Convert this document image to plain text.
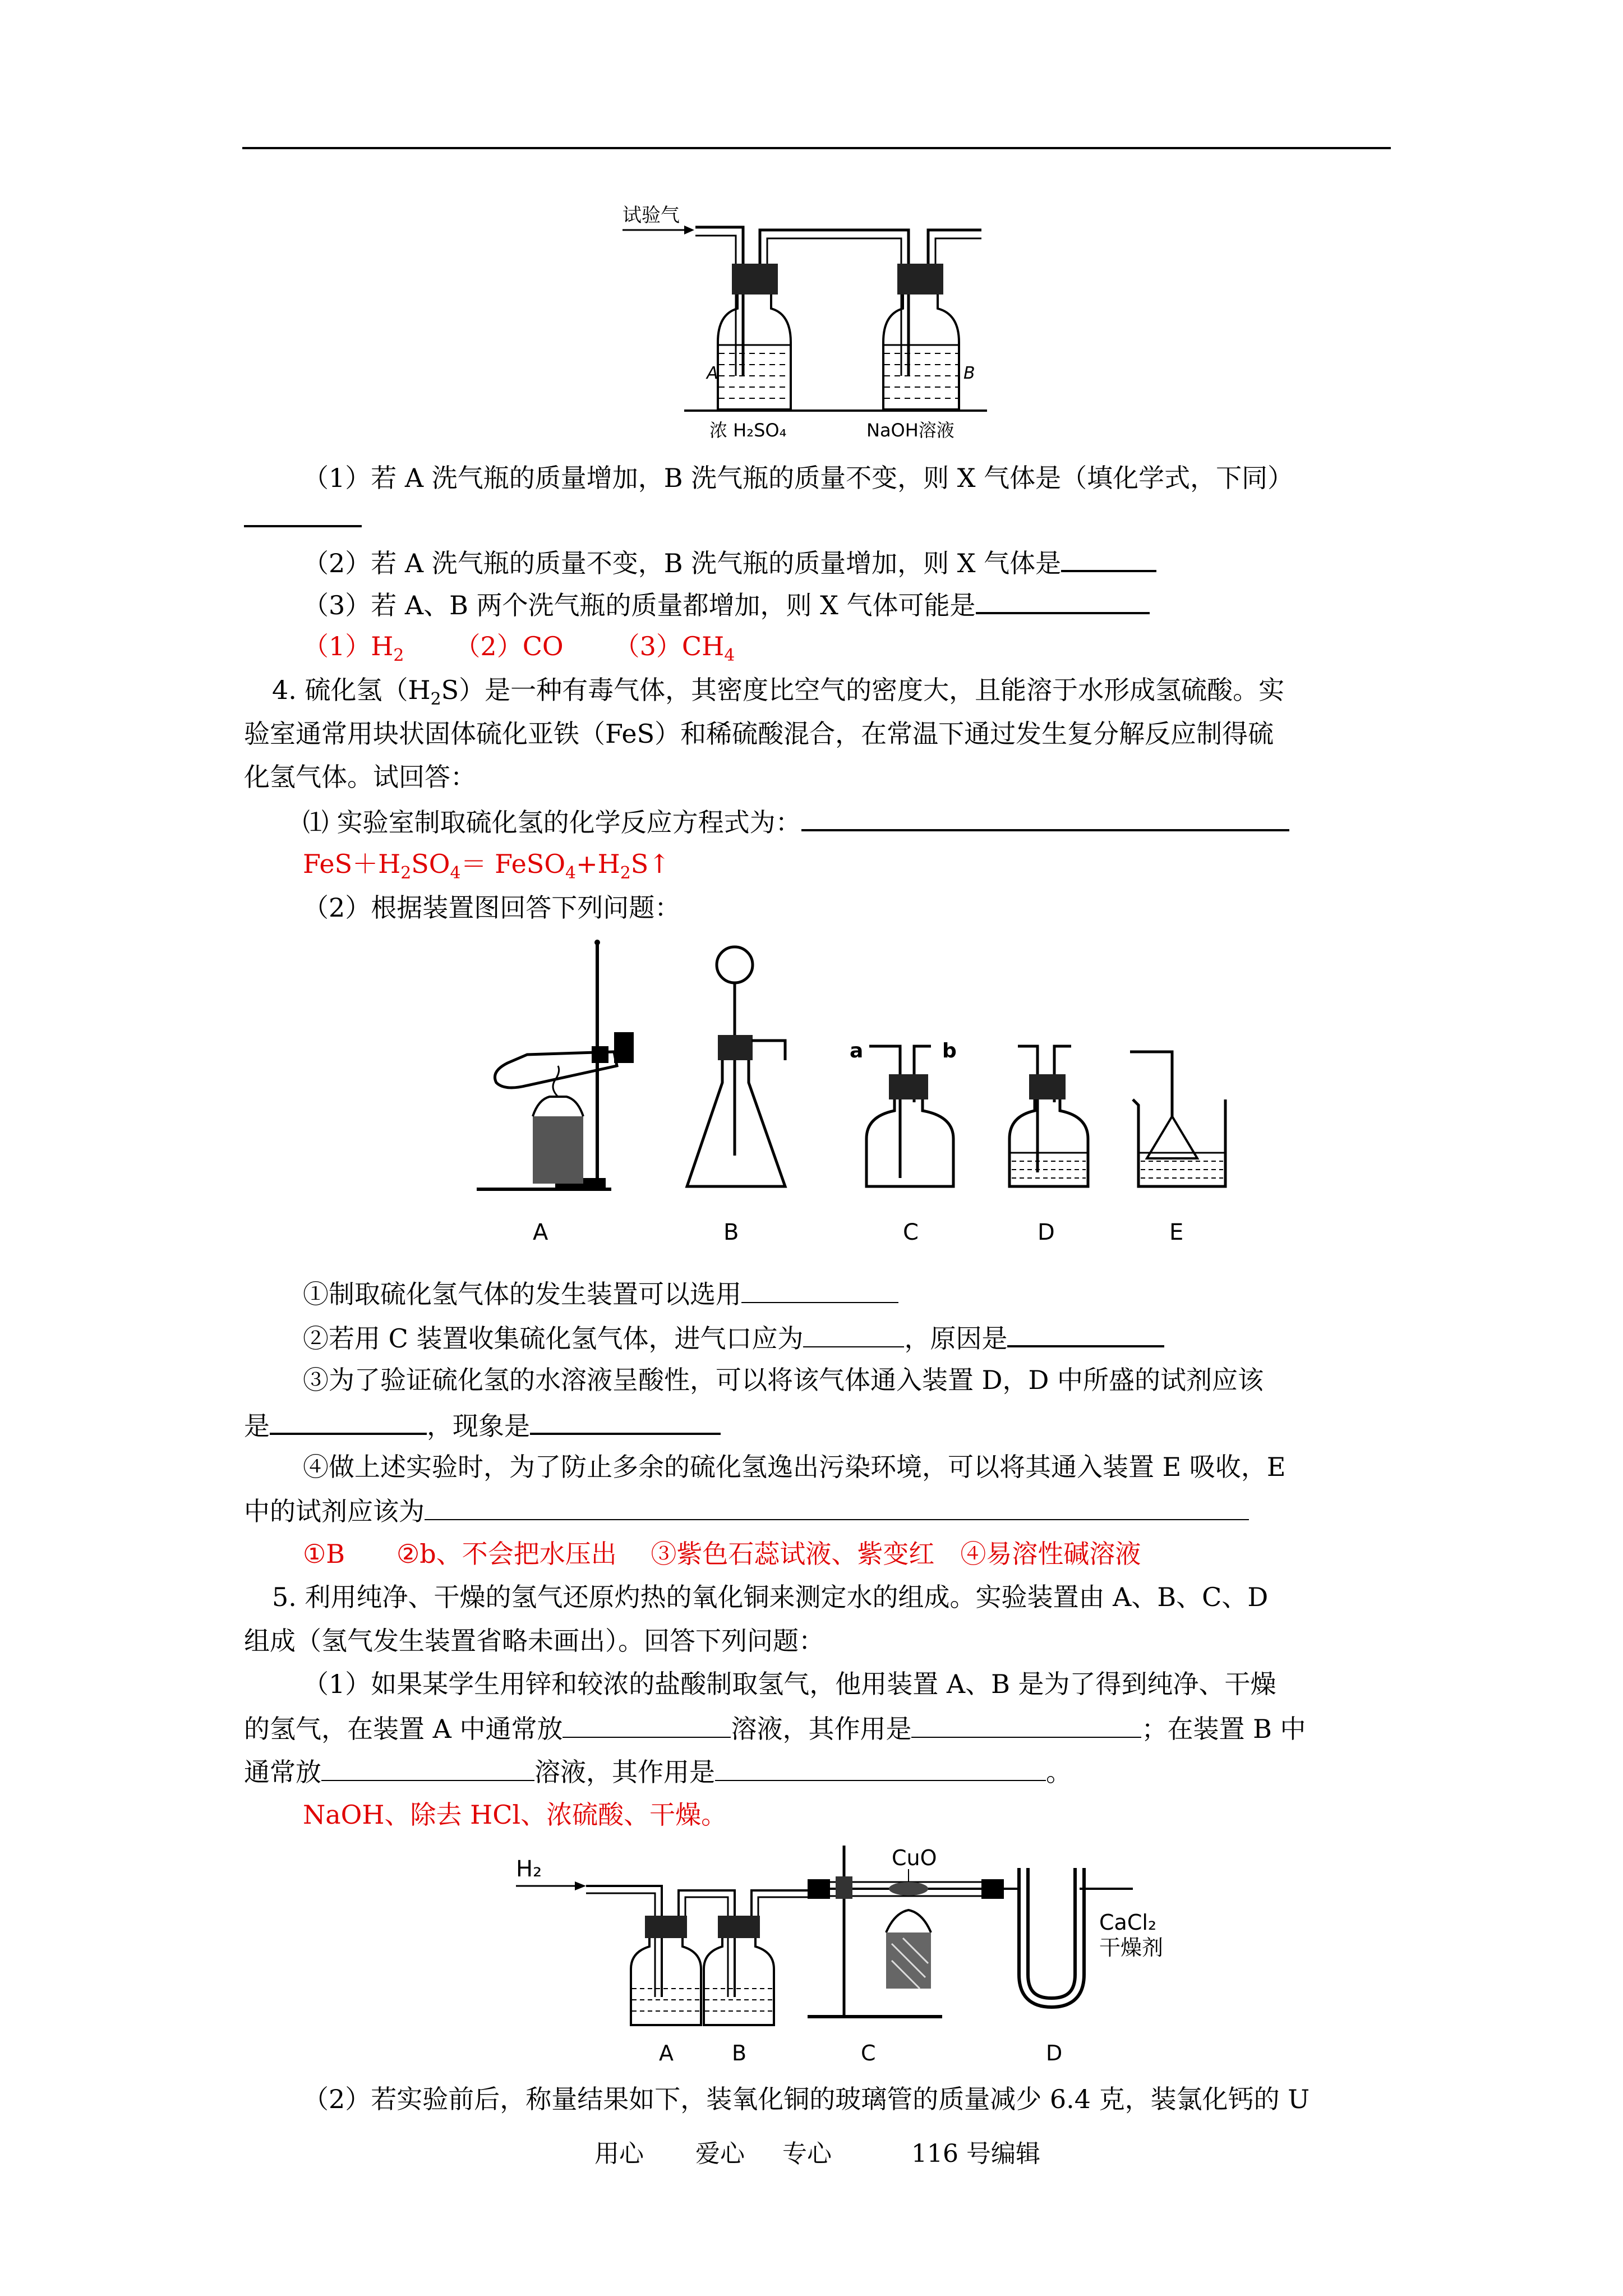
试验气
A	B
浓 H₂SO₄	NaOH溶液
（1）若 A 洗气瓶的质量增加，B 洗气瓶的质量不变，则 X 气体是（填化学式，下同）
（2）若 A 洗气瓶的质量不变，B 洗气瓶的质量增加，则 X 气体是
（3）若 A、B 两个洗气瓶的质量都增加，则 X 气体可能是
$(1)H_2$ （2）CO $(3)CH_4$
4. 硫化氢$(H_2S)$是一种有毒气体，其密度比空气的密度大，且能溶于水形成氢硫酸。实
验室通常用块状固体硫化亚铁（FeS）和稀硫酸混合，在常温下通过发生复分解反应制得硫
化氢气体。试回答：
⑴ 实验室制取硫化氢的化学反应方程式为：
$FeS+H_2SO_4=$ $FeSO_4+H_2S↑$
（2）根据装置图回答下列问题：
A	B
a	b
C	D	E
①制取硫化氢气体的发生装置可以选用
②若用 C 装置收集硫化氢气体，进气口应为	，原因是
③为了验证硫化氢的水溶液呈酸性，可以将该气体通入装置 D，D 中所盛的试剂应该
是	，现象是
④做上述实验时，为了防止多余的硫化氢逸出污染环境，可以将其通入装置 E 吸收，E
中的试剂应该为
①B　　②b、不会把水压出　 ③紫色石蕊试液、紫变红　④易溶性碱溶液
5. 利用纯净、干燥的氢气还原灼热的氧化铜来测定水的组成。实验装置由 A、B、C、D
组成（氢气发生装置省略未画出）。回答下列问题：
（1）如果某学生用锌和较浓的盐酸制取氢气，他用装置 A、B 是为了得到纯净、干燥
的氢气，在装置 A 中通常放	溶液，其作用是	；在装置 B 中
通常放	溶液，其作用是	。
NaOH、除去 HCl、浓硫酸、干燥。
H₂	CuO
CaCl₂
干燥剂
A	B	C	D
（2）若实验前后，称量结果如下，装氧化铜的玻璃管的质量减少 6.4 克，装氯化钙的 U
用心 爱心 专心	116 号编辑
